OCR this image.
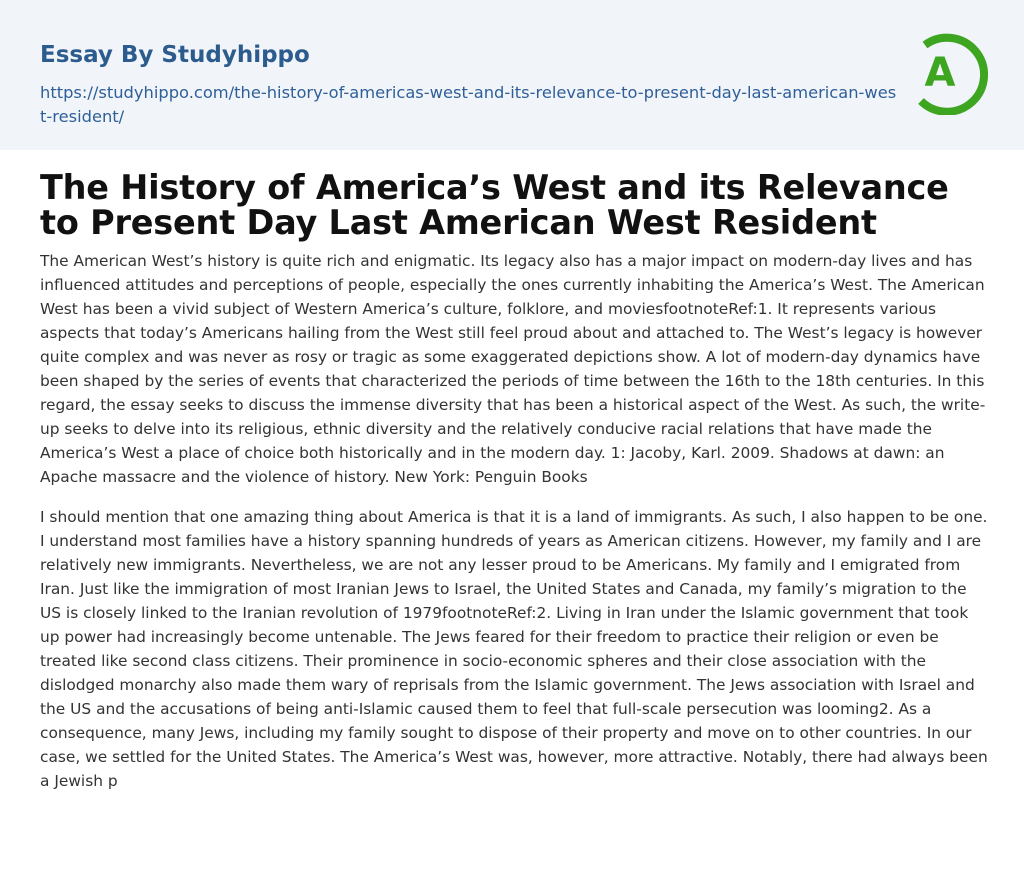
Essay By Studyhippo
https://studyhippo.com/the-history-of-americas-west-and-its-relevance-to-present-day-last-american-west-resident/
A
The History of America’s West and its Relevance to Present Day Last American West Resident

The American West’s history is quite rich and enigmatic. Its legacy also has a major impact on modern-day lives and has influenced attitudes and perceptions of people, especially the ones currently inhabiting the America’s West. The American West has been a vivid subject of Western America’s culture, folklore, and moviesfootnoteRef:1. It represents various aspects that today’s Americans hailing from the West still feel proud about and attached to. The West’s legacy is however quite complex and was never as rosy or tragic as some exaggerated depictions show. A lot of modern-day dynamics have been shaped by the series of events that characterized the periods of time between the 16th to the 18th centuries. In this regard, the essay seeks to discuss the immense diversity that has been a historical aspect of the West. As such, the write-up seeks to delve into its religious, ethnic diversity and the relatively conducive racial relations that have made the America’s West a place of choice both historically and in the modern day. 1: Jacoby, Karl. 2009. Shadows at dawn: an Apache massacre and the violence of history. New York: Penguin Books

I should mention that one amazing thing about America is that it is a land of immigrants. As such, I also happen to be one. I understand most families have a history spanning hundreds of years as American citizens. However, my family and I are relatively new immigrants. Nevertheless, we are not any lesser proud to be Americans. My family and I emigrated from Iran. Just like the immigration of most Iranian Jews to Israel, the United States and Canada, my family’s migration to the US is closely linked to the Iranian revolution of 1979footnoteRef:2. Living in Iran under the Islamic government that took up power had increasingly become untenable. The Jews feared for their freedom to practice their religion or even be treated like second class citizens. Their prominence in socio-economic spheres and their close association with the dislodged monarchy also made them wary of reprisals from the Islamic government. The Jews association with Israel and the US and the accusations of being anti-Islamic caused them to feel that full-scale persecution was looming2. As a consequence, many Jews, including my family sought to dispose of their property and move on to other countries. In our case, we settled for the United States. The America’s West was, however, more attractive. Notably, there had always been a Jewish p
